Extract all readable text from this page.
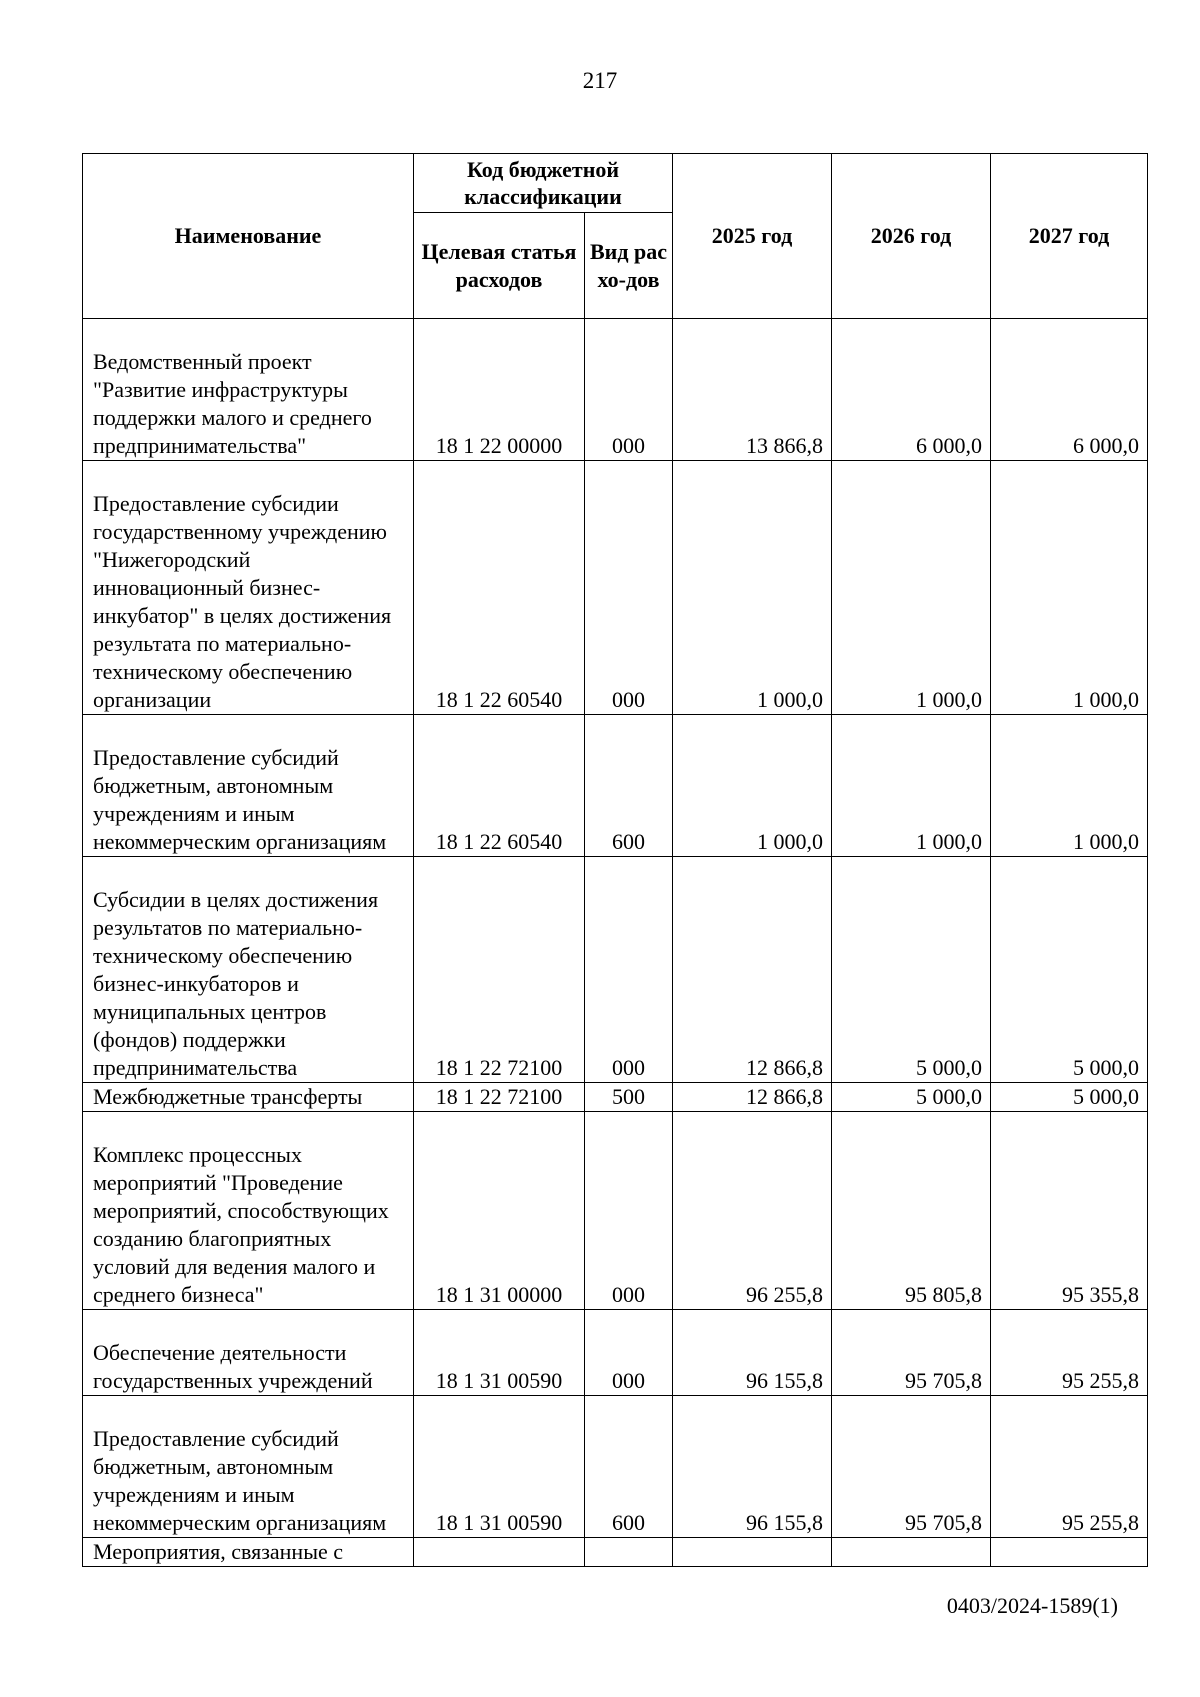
217
Наименование	Код бюджетной классификации		2025 год	2026 год	2027 год
	Целевая статья расходов	Вид расхо-дов			
Ведомственный проект "Развитие инфраструктуры поддержки малого и среднего предпринимательства"	18 1 22 00000	000	13 866,8	6 000,0	6 000,0
Предоставление субсидии государственному учреждению "Нижегородский инновационный бизнес-инкубатор" в целях достижения результата по материально-техническому обеспечению организации	18 1 22 60540	000	1 000,0	1 000,0	1 000,0
Предоставление субсидий бюджетным, автономным учреждениям и иным некоммерческим организациям	18 1 22 60540	600	1 000,0	1 000,0	1 000,0
Субсидии в целях достижения результатов по материально-техническому обеспечению бизнес-инкубаторов и муниципальных центров (фондов) поддержки предпринимательства	18 1 22 72100	000	12 866,8	5 000,0	5 000,0
Межбюджетные трансферты	18 1 22 72100	500	12 866,8	5 000,0	5 000,0
Комплекс процессных мероприятий "Проведение мероприятий, способствующих созданию благоприятных условий для ведения малого и среднего бизнеса"	18 1 31 00000	000	96 255,8	95 805,8	95 355,8
Обеспечение деятельности государственных учреждений	18 1 31 00590	000	96 155,8	95 705,8	95 255,8
Предоставление субсидий бюджетным, автономным учреждениям и иным некоммерческим организациям	18 1 31 00590	600	96 155,8	95 705,8	95 255,8
Мероприятия, связанные с					
0403/2024-1589(1)
